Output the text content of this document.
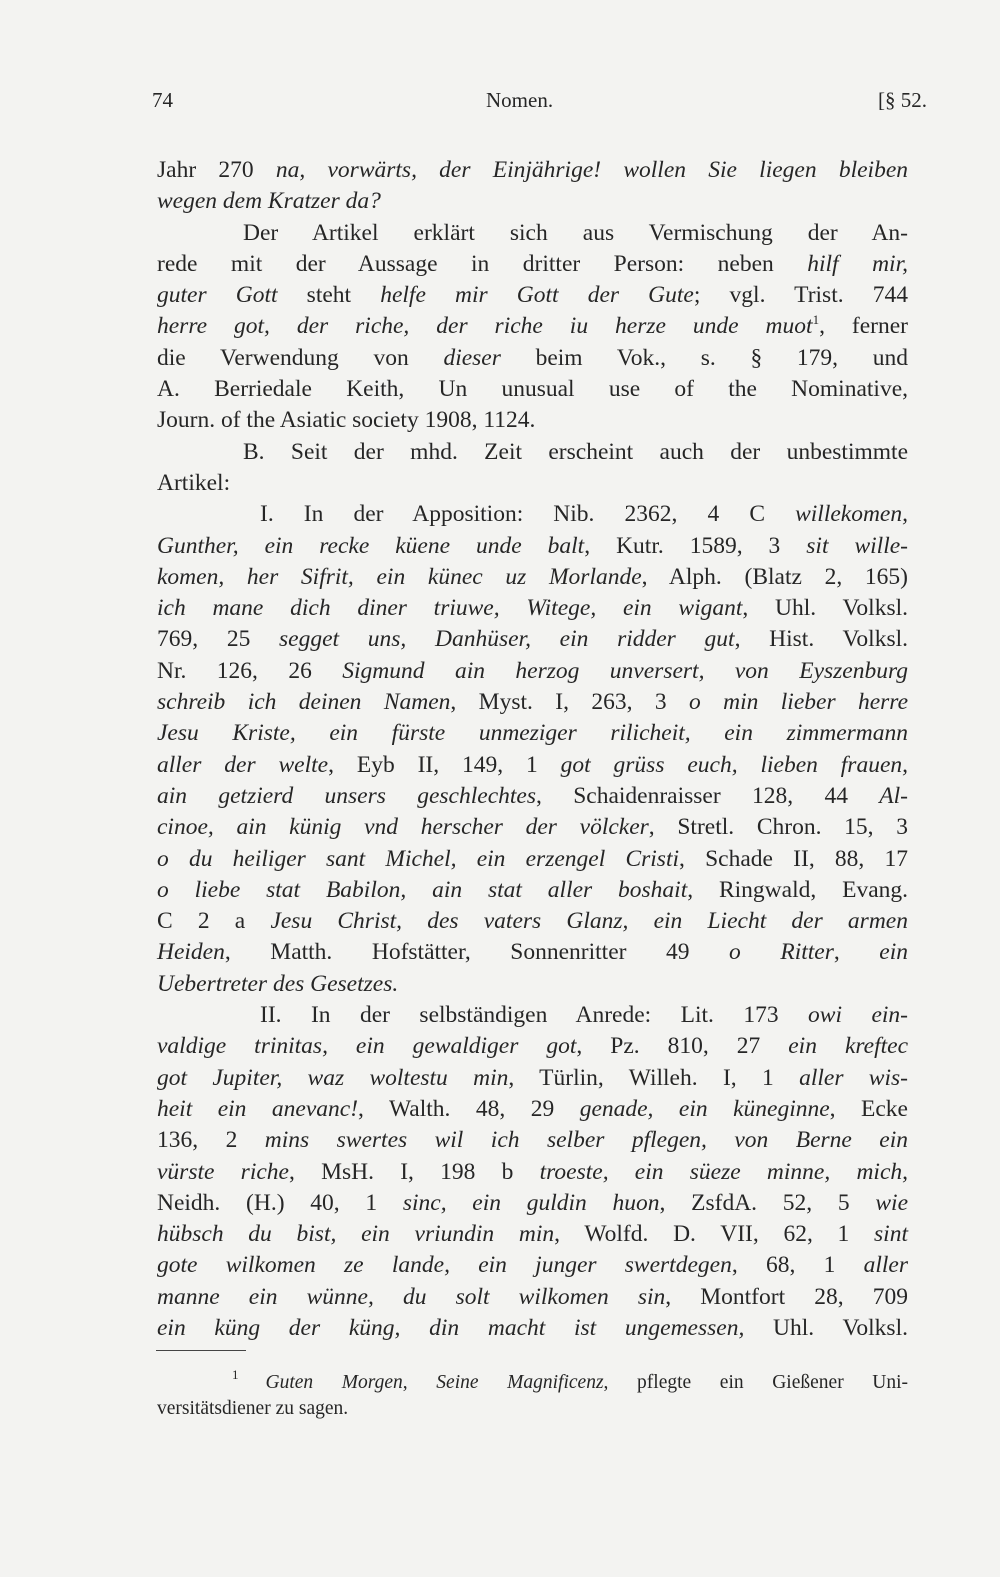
74	Nomen.	[§ 52.
Jahr 270 na, vorwärts, der Einjährige! wollen Sie liegen bleiben
wegen dem Kratzer da?
Der Artikel erklärt sich aus Vermischung der An-
rede mit der Aussage in dritter Person: neben hilf mir,
guter Gott steht helfe mir Gott der Gute; vgl. Trist. 744
herre got, der riche, der riche iu herze unde muot$^1$, ferner
die Verwendung von dieser beim Vok., s. § 179, und
A. Berriedale Keith, Un unusual use of the Nominative,
Journ. of the Asiatic society 1908, 1124.
B. Seit der mhd. Zeit erscheint auch der unbestimmte
Artikel:
I. In der Apposition: Nib. 2362, 4 C willekomen,
Gunther, ein recke küene unde balt, Kutr. 1589, 3 sit wille-
komen, her Sifrit, ein künec uz Morlande, Alph. (Blatz 2, 165)
ich mane dich diner triuwe, Witege, ein wigant, Uhl. Volksl.
769, 25 segget uns, Danhüser, ein ridder gut, Hist. Volksl.
Nr. 126, 26 Sigmund ain herzog unversert, von Eyszenburg
schreib ich deinen Namen, Myst. I, 263, 3 o min lieber herre
Jesu Kriste, ein fürste unmeziger rilicheit, ein zimmermann
aller der welte, Eyb II, 149, 1 got grüss euch, lieben frauen,
ain getzierd unsers geschlechtes, Schaidenraisser 128, 44 Al-
cinoe, ain künig vnd herscher der völcker, Stretl. Chron. 15, 3
o du heiliger sant Michel, ein erzengel Cristi, Schade II, 88, 17
o liebe stat Babilon, ain stat aller boshait, Ringwald, Evang.
C 2 a Jesu Christ, des vaters Glanz, ein Liecht der armen
Heiden, Matth. Hofstätter, Sonnenritter 49 o Ritter, ein
Uebertreter des Gesetzes.
II. In der selbständigen Anrede: Lit. 173 owi ein-
valdige trinitas, ein gewaldiger got, Pz. 810, 27 ein kreftec
got Jupiter, waz woltestu min, Türlin, Willeh. I, 1 aller wis-
heit ein anevanc!, Walth. 48, 29 genade, ein küneginne, Ecke
136, 2 mins swertes wil ich selber pflegen, von Berne ein
vürste riche, MsH. I, 198 b troeste, ein süeze minne, mich,
Neidh. (H.) 40, 1 sinc, ein guldin huon, ZsfdA. 52, 5 wie
hübsch du bist, ein vriundin min, Wolfd. D. VII, 62, 1 sint
gote wilkomen ze lande, ein junger swertdegen, 68, 1 aller
manne ein wünne, du solt wilkomen sin, Montfort 28, 709
ein küng der küng, din macht ist ungemessen, Uhl. Volksl.
$^1$ Guten Morgen, Seine Magnificenz, pflegte ein Gießener Uni-
versitätsdiener zu sagen.
